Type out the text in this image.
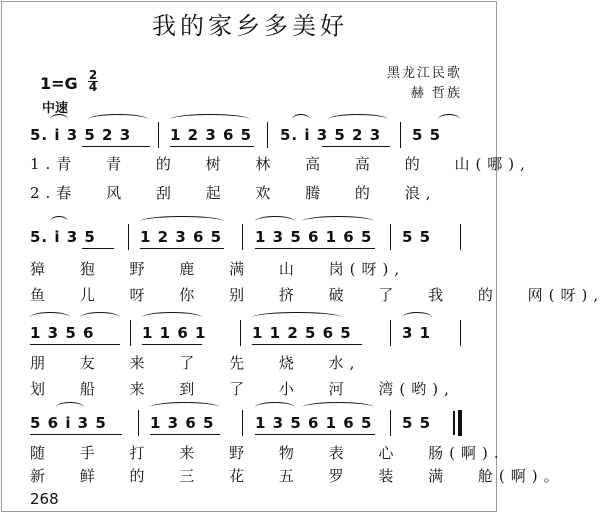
我的家乡多美好
黑龙江民歌
赫 哲族
1=G 2
4
中速
5. i 3 5 2 3	1 2 3 6 5 5. i 3 5 2 3 5 5
1.青 青 的 树 林 高 高 的 山(哪),
2.春 风 刮 起 欢 腾 的 浪,
5. i 3 5	1 2 3 6 5 1 3 5 6 1 6 5 5 5
獐 狍 野 鹿 满 山 岗(呀),
鱼 儿 呀 你 别 挤 破 了 我 的 网(呀),
1 3 5 6	1 1 6 1	1 1 2 5 6 5	3 1
朋 友 来 了 先 烧 水,
划 船 来 到 了 小 河 湾(哟),
5 6 i 3 5	1 3 6 5	1 3 5 6 1 6 5 5 5
随 手 打 来 野 物 表 心 肠(啊).
新 鲜 的 三 花 五 罗 装 满 舱(啊)。
268
